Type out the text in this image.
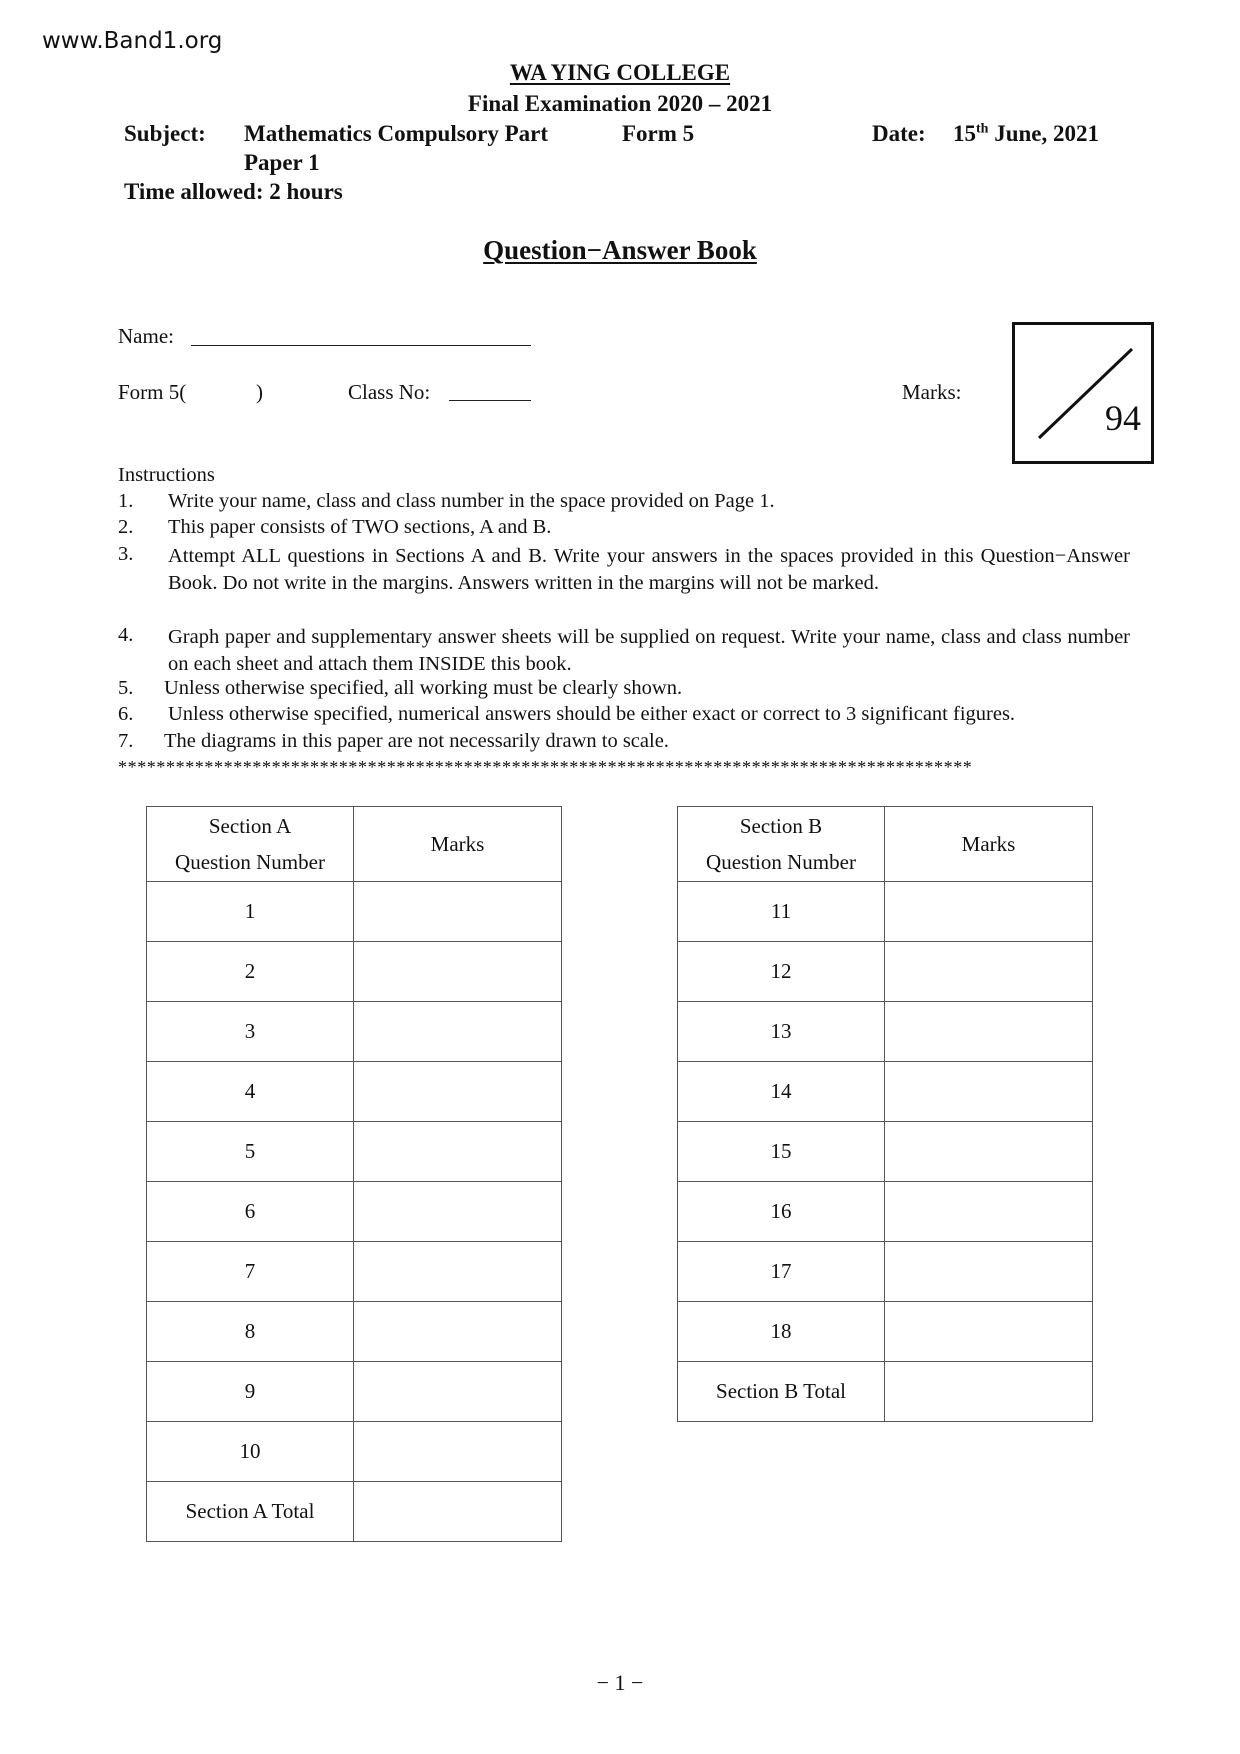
www.Band1.org
WA YING COLLEGE
Final Examination 2020 – 2021
Subject: Mathematics Compulsory Part	Form 5	Date: 15th June, 2021
Paper 1
Time allowed: 2 hours
Question−Answer Book
Name:
Form 5(	)	Class No:	Marks:
94
Instructions
1. Write your name, class and class number in the space provided on Page 1.
2. This paper consists of TWO sections, A and B.
3. Attempt ALL questions in Sections A and B. Write your answers in the spaces provided in this Question−Answer Book. Do not write in the margins. Answers written in the margins will not be marked.
4. Graph paper and supplementary answer sheets will be supplied on request. Write your name, class and class number on each sheet and attach them INSIDE this book.
5. Unless otherwise specified, all working must be clearly shown.
6. Unless otherwise specified, numerical answers should be either exact or correct to 3 significant figures.
7. The diagrams in this paper are not necessarily drawn to scale.
*****************************************************************************************
Section A
Question Number	Marks
1	
2	
3	
4	
5	
6	
7	
8	
9	
10	
Section A Total	
Section B
Question Number	Marks
11	
12	
13	
14	
15	
16	
17	
18	
Section B Total	
− 1 −
